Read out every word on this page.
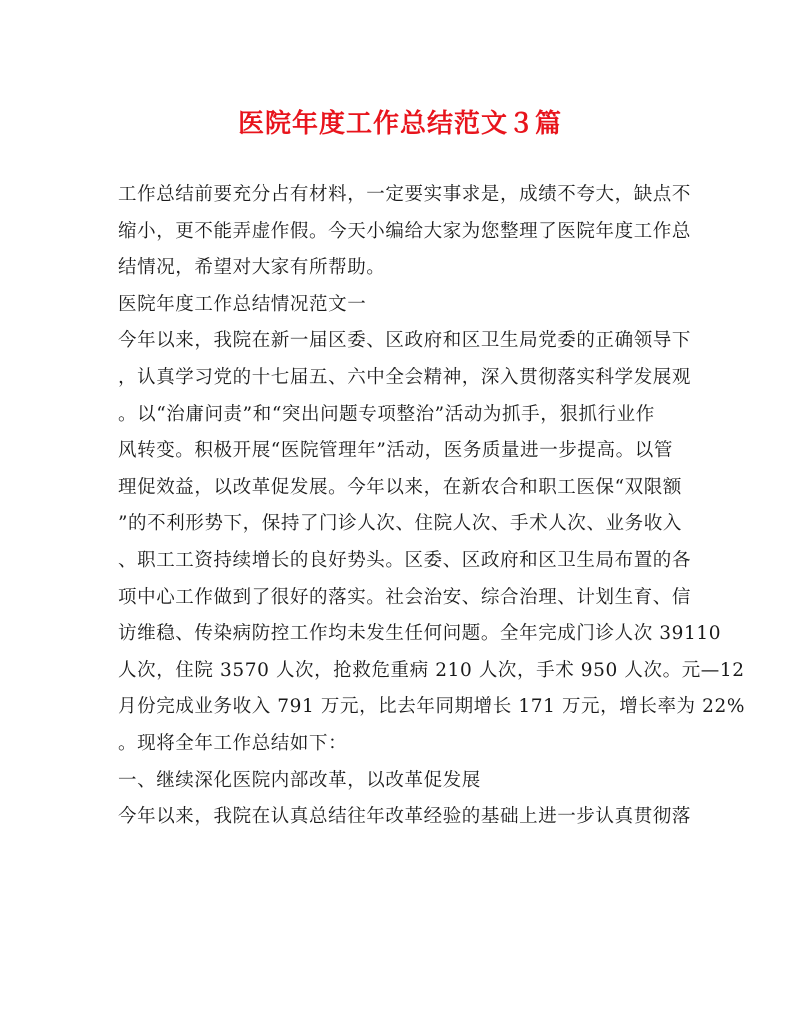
医院年度工作总结范文３篇
工作总结前要充分占有材料，一定要实事求是，成绩不夸大，缺点不
缩小，更不能弄虚作假。今天小编给大家为您整理了医院年度工作总
结情况，希望对大家有所帮助。
医院年度工作总结情况范文一
今年以来，我院在新一届区委、区政府和区卫生局党委的正确领导下
，认真学习党的十七届五、六中全会精神，深入贯彻落实科学发展观
。以“治庸问责”和“突出问题专项整治”活动为抓手，狠抓行业作
风转变。积极开展“医院管理年”活动，医务质量进一步提高。以管
理促效益，以改革促发展。今年以来，在新农合和职工医保“双限额
”的不利形势下，保持了门诊人次、住院人次、手术人次、业务收入
、职工工资持续增长的良好势头。区委、区政府和区卫生局布置的各
项中心工作做到了很好的落实。社会治安、综合治理、计划生育、信
访维稳、传染病防控工作均未发生任何问题。全年完成门诊人次 39110
人次，住院 3570 人次，抢救危重病 210 人次，手术 950 人次。元—12
月份完成业务收入 791 万元，比去年同期增长 171 万元，增长率为 22%
。现将全年工作总结如下：
一、继续深化医院内部改革，以改革促发展
今年以来，我院在认真总结往年改革经验的基础上进一步认真贯彻落
